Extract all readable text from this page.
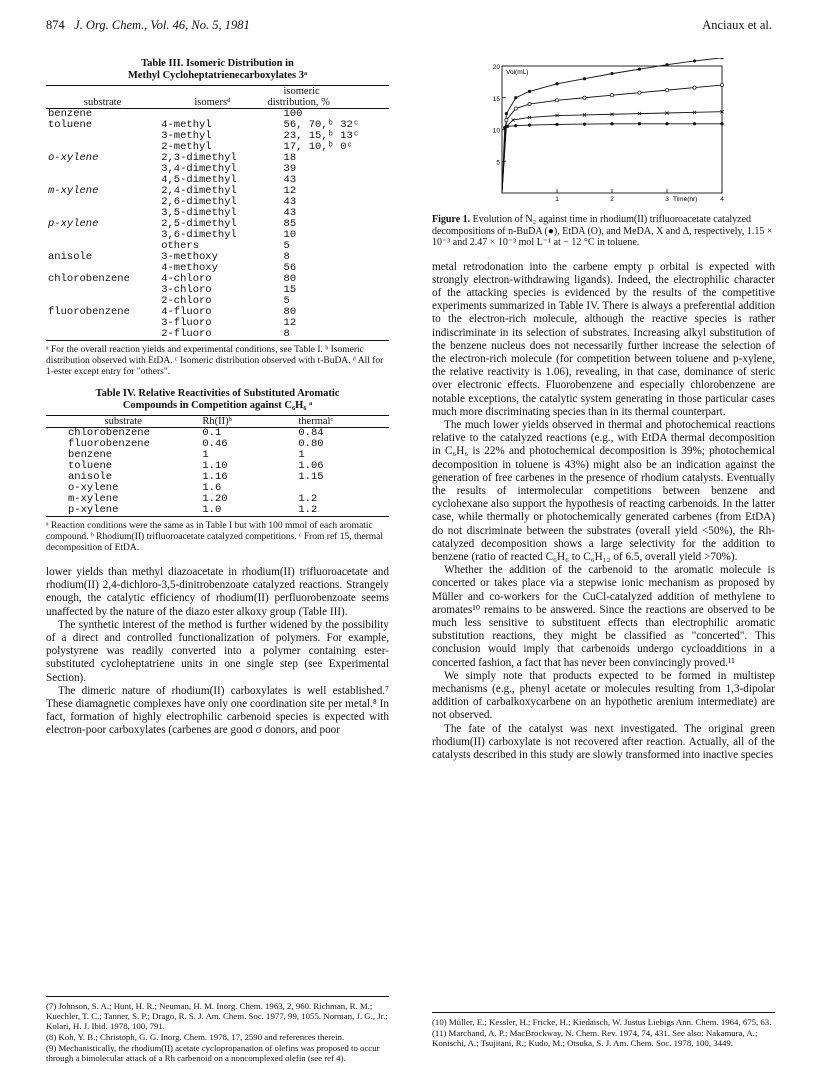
874 J. Org. Chem., Vol. 46, No. 5, 1981	Anciaux et al.
Table III. Isomeric Distribution in
Methyl Cycloheptatrienecarboxylates 3ᵃ
		isomeric
substrate	isomersᵈ	distribution, %
benzene		100
toluene	4-methyl	56, 70,ᵇ 32ᶜ
	3-methyl	23, 15,ᵇ 13ᶜ
	2-methyl	17, 10,ᵇ 0ᶜ
o-xylene	2,3-dimethyl	18
	3,4-dimethyl	39
	4,5-dimethyl	43
m-xylene	2,4-dimethyl	12
	2,6-dimethyl	43
	3,5-dimethyl	43
p-xylene	2,5-dimethyl	85
	3,6-dimethyl	10
	others	5
anisole	3-methoxy	8
	4-methoxy	56
chlorobenzene	4-chloro	80
	3-chloro	15
	2-chloro	5
fluorobenzene	4-fluoro	80
	3-fluoro	12
	2-fluoro	8
ᵃ For the overall reaction yields and experimental conditions, see Table I. ᵇ Isomeric distribution observed with EtDA. ᶜ Isomeric distribution observed with t-BuDA. ᵈ All for 1-ester except entry for "others".
Table IV. Relative Reactivities of Substituted Aromatic
Compounds in Competition against C₆H₆ ᵃ
substrate	Rh(II)ᵇ	thermalᶜ
chlorobenzene	0.1	0.84
fluorobenzene	0.46	0.80
benzene	1	1
toluene	1.10	1.06
anisole	1.16	1.15
o-xylene	1.6	
m-xylene	1.20	1.2
p-xylene	1.0	1.2
ᵃ Reaction conditions were the same as in Table I but with 100 mmol of each aromatic compound. ᵇ Rhodium(II) trifluoroacetate catalyzed competitions. ᶜ From ref 15, thermal decomposition of EtDA.

lower yields than methyl diazoacetate in rhodium(II) trifluoroacetate and rhodium(II) 2,4-dichloro-3,5-dinitrobenzoate catalyzed reactions. Strangely enough, the catalytic efficiency of rhodium(II) perfluorobenzoate seems unaffected by the nature of the diazo ester alkoxy group (Table III).

The synthetic interest of the method is further widened by the possibility of a direct and controlled functionalization of polymers. For example, polystyrene was readily converted into a polymer containing ester-substituted cycloheptatriene units in one single step (see Experimental Section).

The dimeric nature of rhodium(II) carboxylates is well established.⁷ These diamagnetic complexes have only one coordination site per metal.⁸ In fact, formation of highly electrophilic carbenoid species is expected with electron-poor carboxylates (carbenes are good σ donors, and poor

(7) Johnson, S. A.; Hunt, H. R.; Neuman, H. M. Inorg. Chem. 1963, 2, 960. Richman, R. M.; Kuechler, T. C.; Tanner, S. P.; Drago, R. S. J. Am. Chem. Soc. 1977, 99, 1055. Norman, J. G., Jr.; Kolari, H. J. Ibid. 1978, 100, 791.

(8) Koh, Y. B.; Christoph, G. G. Inorg. Chem. 1978, 17, 2590 and references therein.

(9) Mechanistically, the rhodium(II) acetate cyclopropanation of olefins was proposed to occur through a bimolecular attack of a Rh carbenoid on a noncomplexed olefin (see ref 4).

20
15
10
5
1	2	3	4
Vol(mL)
Time(hr)
Figure 1. Evolution of N₂ against time in rhodium(II) trifluoroacetate catalyzed decompositions of n-BuDA (●), EtDA (O), and MeDA, X and Δ, respectively, 1.15 × 10⁻³ and 2.47 × 10⁻³ mol L⁻¹ at − 12 °C in toluene.

metal retrodonation into the carbene empty p orbital is expected with strongly electron-withdrawing ligands). Indeed, the electrophilic character of the attacking species is evidenced by the results of the competitive experiments summarized in Table IV. There is always a preferential addition to the electron-rich molecule, although the reactive species is rather indiscriminate in its selection of substrates. Increasing alkyl substitution of the benzene nucleus does not necessarily further increase the selection of the electron-rich molecule (for competition between toluene and p-xylene, the relative reactivity is 1.06), revealing, in that case, dominance of steric over electronic effects. Fluorobenzene and especially chlorobenzene are notable exceptions, the catalytic system generating in those particular cases much more discriminating species than in its thermal counterpart.

The much lower yields observed in thermal and photochemical reactions relative to the catalyzed reactions (e.g., with EtDA thermal decomposition in C₆H₆ is 22% and photochemical decomposition is 39%; photochemical decomposition in toluene is 43%) might also be an indication against the generation of free carbenes in the presence of rhodium catalysts. Eventually the results of intermolecular competitions between benzene and cyclohexane also support the hypothesis of reacting carbenoids. In the latter case, while thermally or photochemically generated carbenes (from EtDA) do not discriminate between the substrates (overall yield <50%), the Rh-catalyzed decomposition shows a large selectivity for the addition to benzene (ratio of reacted C₆H₆ to C₆H₁₂ of 6.5, overall yield >70%).

Whether the addition of the carbenoid to the aromatic molecule is concerted or takes place via a stepwise ionic mechanism as proposed by Müller and co-workers for the CuCl-catalyzed addition of methylene to aromates¹⁰ remains to be answered. Since the reactions are observed to be much less sensitive to substituent effects than electrophilic aromatic substitution reactions, they might be classified as "concerted". This conclusion would imply that carbenoids undergo cycloadditions in a concerted fashion, a fact that has never been convincingly proved.¹¹

We simply note that products expected to be formed in multistep mechanisms (e.g., phenyl acetate or molecules resulting from 1,3-dipolar addition of carbalkoxycarbene on an hypothetic arenium intermediate) are not observed.

The fate of the catalyst was next investigated. The original green rhodium(II) carboxylate is not recovered after reaction. Actually, all of the catalysts described in this study are slowly transformed into inactive species

(10) Müller, E.; Kessler, H.; Fricke, H.; Kiedaisch, W. Justus Liebigs Ann. Chem. 1964, 675, 63.

(11) Marchand, A. P.; MacBrockway, N. Chem. Rev. 1974, 74, 431. See also: Nakamura, A.; Konischi, A.; Tsujitani, R.; Kudo, M.; Otsuka, S. J. Am. Chem. Soc. 1978, 100, 3449.
